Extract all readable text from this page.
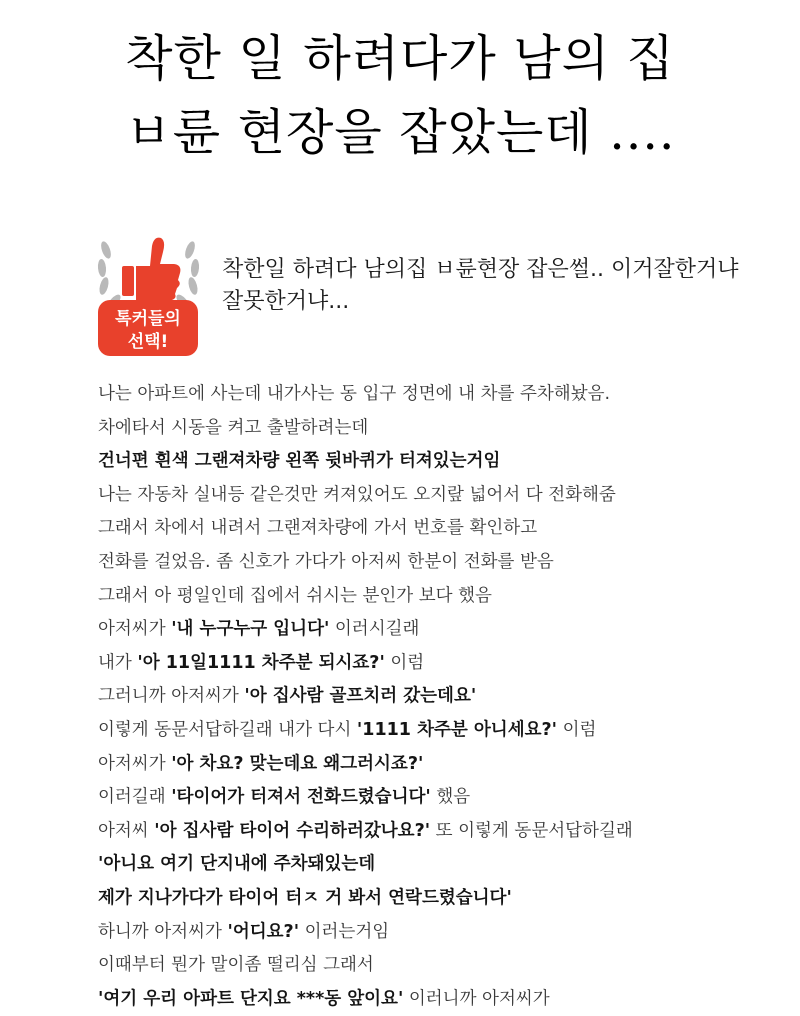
착한 일 하려다가 남의 집
ㅂ륜 현장을 잡았는데 ....
톡커들의
선택!
착한일 하려다 남의집 ㅂ륜현장 잡은썰.. 이거잘한거냐 잘못한거냐...
나는 아파트에 사는데 내가사는 동 입구 정면에 내 차를 주차해놨음.
차에타서 시동을 켜고 출발하려는데
건너편 흰색 그랜져차량 왼쪽 뒷바퀴가 터져있는거임
나는 자동차 실내등 같은것만 켜져있어도 오지랖 넓어서 다 전화해줌
그래서 차에서 내려서 그랜져차량에 가서 번호를 확인하고
전화를 걸었음. 좀 신호가 가다가 아저씨 한분이 전화를 받음
그래서 아 평일인데 집에서 쉬시는 분인가 보다 했음
아저씨가 '내 누구누구 입니다' 이러시길래
내가 '아 11일1111 차주분 되시죠?' 이럼
그러니까 아저씨가 '아 집사람 골프치러 갔는데요'
이렇게 동문서답하길래 내가 다시 '1111 차주분 아니세요?' 이럼
아저씨가 '아 차요? 맞는데요 왜그러시죠?'
이러길래 '타이어가 터져서 전화드렸습니다' 했음
아저씨 '아 집사람 타이어 수리하러갔나요?' 또 이렇게 동문서답하길래
'아니요 여기 단지내에 주차돼있는데
제가 지나가다가 타이어 터ㅈ 거 봐서 연락드렸습니다'
하니까 아저씨가 '어디요?' 이러는거임
이때부터 뭔가 말이좀 떨리심 그래서
'여기 우리 아파트 단지요 ***동 앞이요' 이러니까 아저씨가
